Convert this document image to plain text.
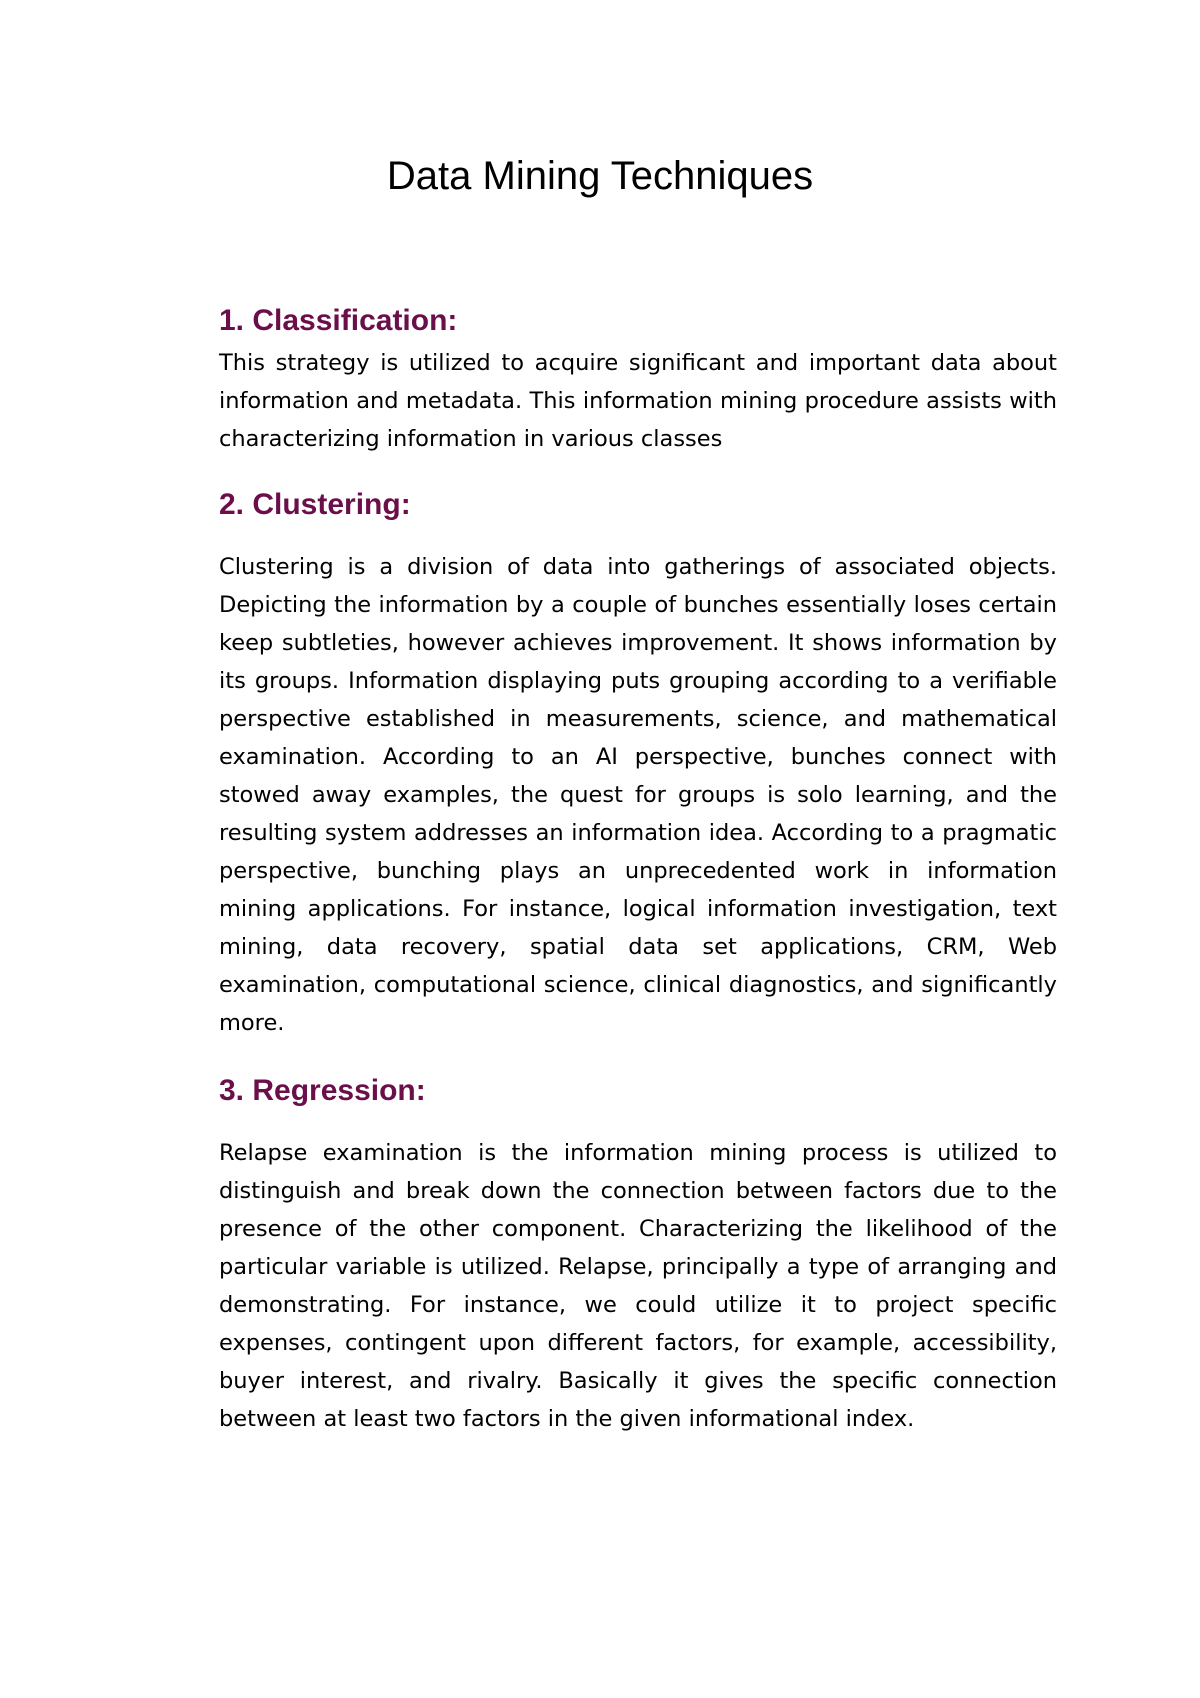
Data Mining Techniques
1. Classification:

This strategy is utilized to acquire significant and important data about information and metadata. This information mining procedure assists with characterizing information in various classes

2. Clustering:

Clustering is a division of data into gatherings of associated objects. Depicting the information by a couple of bunches essentially loses certain keep subtleties, however achieves improvement. It shows information by its groups. Information displaying puts grouping according to a verifiable perspective established in measurements, science, and mathematical examination. According to an AI perspective, bunches connect with stowed away examples, the quest for groups is solo learning, and the resulting system addresses an information idea. According to a pragmatic perspective, bunching plays an unprecedented work in information mining applications. For instance, logical information investigation, text mining, data recovery, spatial data set applications, CRM, Web examination, computational science, clinical diagnostics, and significantly more.

3. Regression:

Relapse examination is the information mining process is utilized to distinguish and break down the connection between factors due to the presence of the other component. Characterizing the likelihood of the particular variable is utilized. Relapse, principally a type of arranging and demonstrating. For instance, we could utilize it to project specific expenses, contingent upon different factors, for example, accessibility, buyer interest, and rivalry. Basically it gives the specific connection between at least two factors in the given informational index.
